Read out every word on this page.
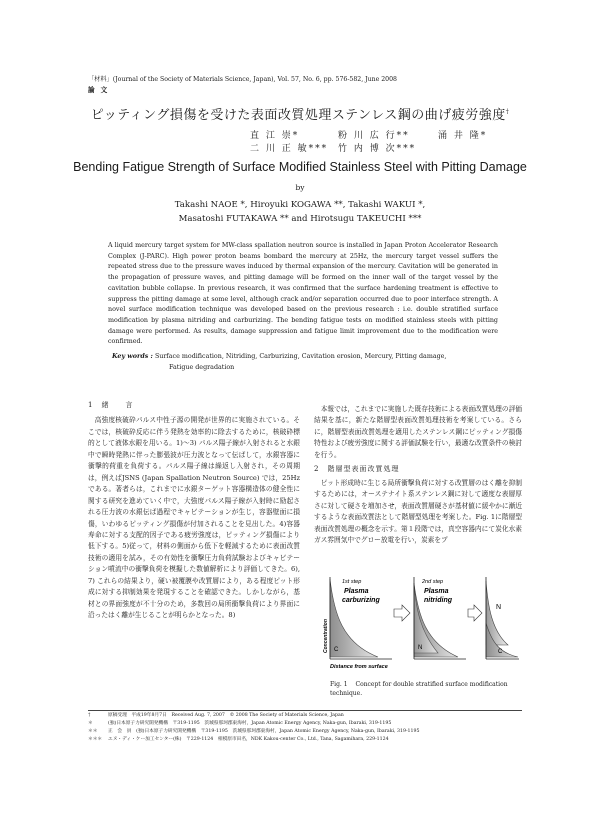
「材料」(Journal of the Society of Materials Science, Japan), Vol. 57, No. 6, pp. 576-582, June 2008
論文
ピッティング損傷を受けた表面改質処理ステンレス鋼の曲げ疲労強度†
直 江 崇*	粉 川 広 行**	涌 井 隆*
二 川 正 敏*** 竹 内 博 次***
Bending Fatigue Strength of Surface Modified Stainless Steel with Pitting Damage
by
Takashi NAOE *, Hiroyuki KOGAWA **, Takashi WAKUI *,
Masatoshi FUTAKAWA ** and Hirotsugu TAKEUCHI ***
A liquid mercury target system for MW-class spallation neutron source is installed in Japan Proton Accelerator Research Complex (J-PARC). High power proton beams bombard the mercury at 25Hz, the mercury target vessel suffers the repeated stress due to the pressure waves induced by thermal expansion of the mercury. Cavitation will be generated in the propagation of pressure waves, and pitting damage will be formed on the inner wall of the target vessel by the cavitation bubble collapse. In previous research, it was confirmed that the surface hardening treatment is effective to suppress the pitting damage at some level, although crack and/or separation occurred due to poor interface strength. A novel surface modification technique was developed based on the previous research : i.e. double stratified surface modification by plasma nitriding and carburizing. The bending fatigue tests on modified stainless steels with pitting damage were performed. As results, damage suppression and fatigue limit improvement due to the modification were confirmed.
Key words : Surface modification, Nitriding, Carburizing, Cavitation erosion, Mercury, Pitting damage,
Fatigue degradation

1　緒　　言

高強度核破砕パルス中性子源の開発が世界的に実施されている。そこでは，核破砕反応に伴う発熱を効率的に除去するために，核破砕標的として液体水銀を用いる。1)～3) パルス陽子線が入射されると水銀中で瞬時発熱に伴った膨張波が圧力波となって伝ぱして，水銀容器に衝撃的荷重を負荷する。パルス陽子線は繰返し入射され，その周期は，例えばJSNS (Japan Spallation Neutron Source) では，25Hzである。著者らは，これまでに水銀ターゲット容器構造体の健全性に関する研究を進めていく中で，大強度パルス陽子線が入射時に励起される圧力波の水銀伝ぱ過程でキャビテーションが生じ，容器壁面に損傷，いわゆるピッティング損傷が付加されることを見出した。4)容器寿命に対する支配的因子である疲労強度は，ピッティング損傷により低下する。5)従って，材料の側面から低下を軽減するために表面改質技術の適用を試み，その有効性を衝撃圧力負荷試験およびキャビテーション噴流中の衝撃負荷を模擬した数値解析により評価してきた。6), 7) これらの結果より，硬い被覆膜や改質層により，ある程度ピット形成に対する抑制効果を発現することを確認できた。しかしながら，基材との界面強度が不十分のため，多数回の局所衝撃負荷により界面に沿ったはく離が生じることが明らかとなった。8)

本報では，これまでに実施した既存技術による表面改質処理の評価結果を基に，新たな階層型表面改質処理技術を考案している。さらに，階層型表面改質処理を適用したステンレス鋼にピッティング損傷特性および疲労強度に関する評価試験を行い，最適な改質条件の検討を行う。

2　階層型表面改質処理

ピット形成時に生じる局所衝撃負荷に対する改質層のはく離を抑制するためには，オーステナイト系ステンレス鋼に対して適度な表層厚さに対して硬さを増加させ，表面改質層硬さが基材値に緩やかに漸近するような表面改質法として階層型処理を考案した。Fig. 1に階層型表面改質処理の概念を示す。第１段階では，真空容器内にて炭化水素ガス雰囲気中でグロー放電を行い，炭素をプ

1st step
Plasma
carburizing
C
Concentration
Distance from surface
2nd step
Plasma
nitriding
N
N
C
Fig. 1 Concept for double stratified surface modification technique.
†	原稿受理　平成19年8月7日　Received Aug. 7, 2007　© 2008 The Society of Materials Science, Japan
＊	(独)日本原子力研究開発機構　〒319-1195　茨城県那珂郡東海村，Japan Atomic Energy Agency, Naka-gun, Ibaraki, 319-1195
＊＊ 正　会　員　(独)日本原子力研究開発機構　〒319-1195　茨城県那珂郡東海村，Japan Atomic Energy Agency, Naka-gun, Ibaraki, 319-1195
＊＊＊ エヌ・ディ・ケー加工センター(株)　〒229-1124　相模原市田名，NDK Kakou-center Co., Ltd., Tana, Sagamihara, 229-1124
